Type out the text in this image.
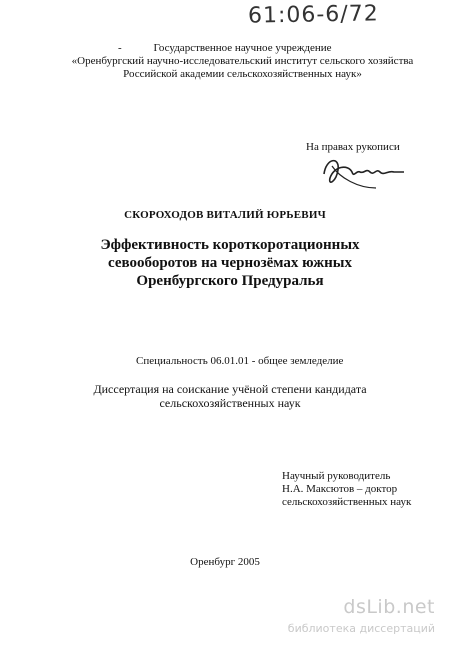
61:06-6/72
-	Государственное научное учреждение
«Оренбургский научно-исследовательский институт сельского хозяйства
Российской академии сельскохозяйственных наук»
На правах рукописи
СКОРОХОДОВ ВИТАЛИЙ ЮРЬЕВИЧ
Эффективность короткоротационных
севооборотов на чернозёмах южных
Оренбургского Предуралья
Специальность 06.01.01 - общее земледелие
Диссертация на соискание учёной степени кандидата
сельскохозяйственных наук
Научный руководитель
Н.А. Максютов – доктор
сельскохозяйственных наук
Оренбург 2005
dsLib.net
библиотека диссертаций
